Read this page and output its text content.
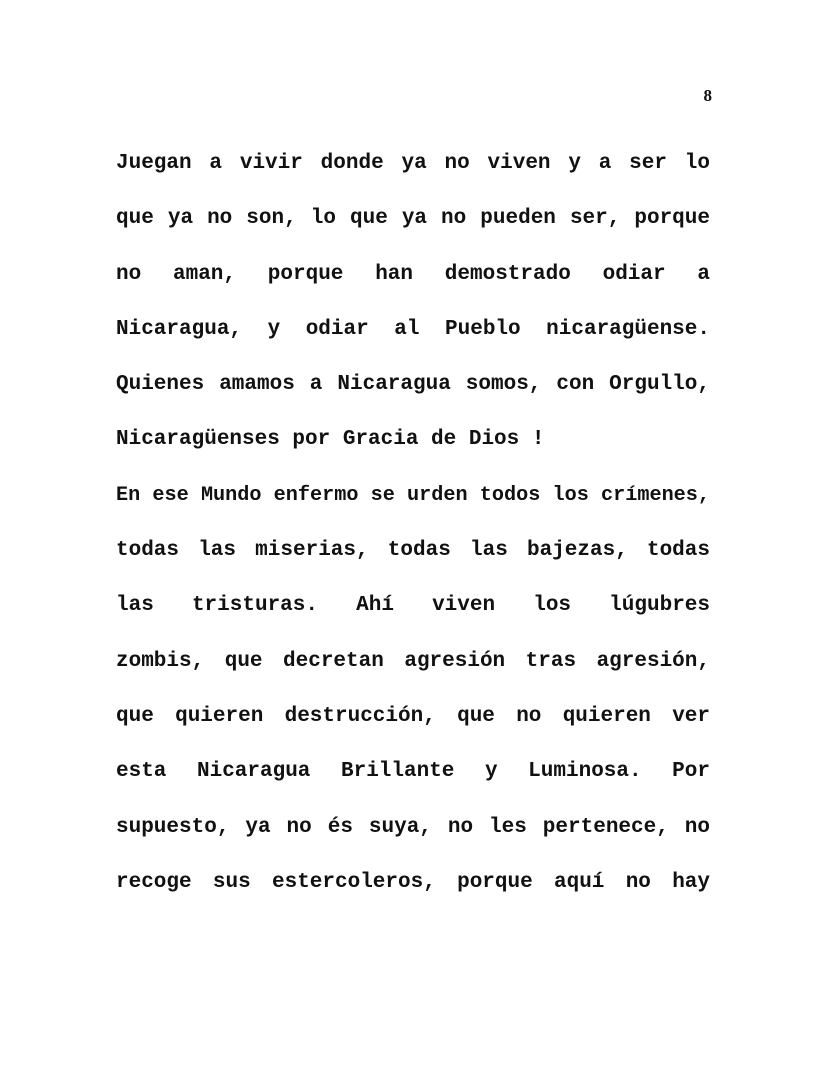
8
Juegan a vivir donde ya no viven y a ser lo
que ya no son, lo que ya no pueden ser, porque
no aman, porque han demostrado odiar a
Nicaragua, y odiar al Pueblo nicaragüense.
Quienes amamos a Nicaragua somos, con Orgullo,
Nicaragüenses por Gracia de Dios !
En ese Mundo enfermo se urden todos los crímenes,
todas las miserias, todas las bajezas, todas
las tristuras. Ahí viven los lúgubres
zombis, que decretan agresión tras agresión,
que quieren destrucción, que no quieren ver
esta Nicaragua Brillante y Luminosa. Por
supuesto, ya no és suya, no les pertenece, no
recoge sus estercoleros, porque aquí no hay
